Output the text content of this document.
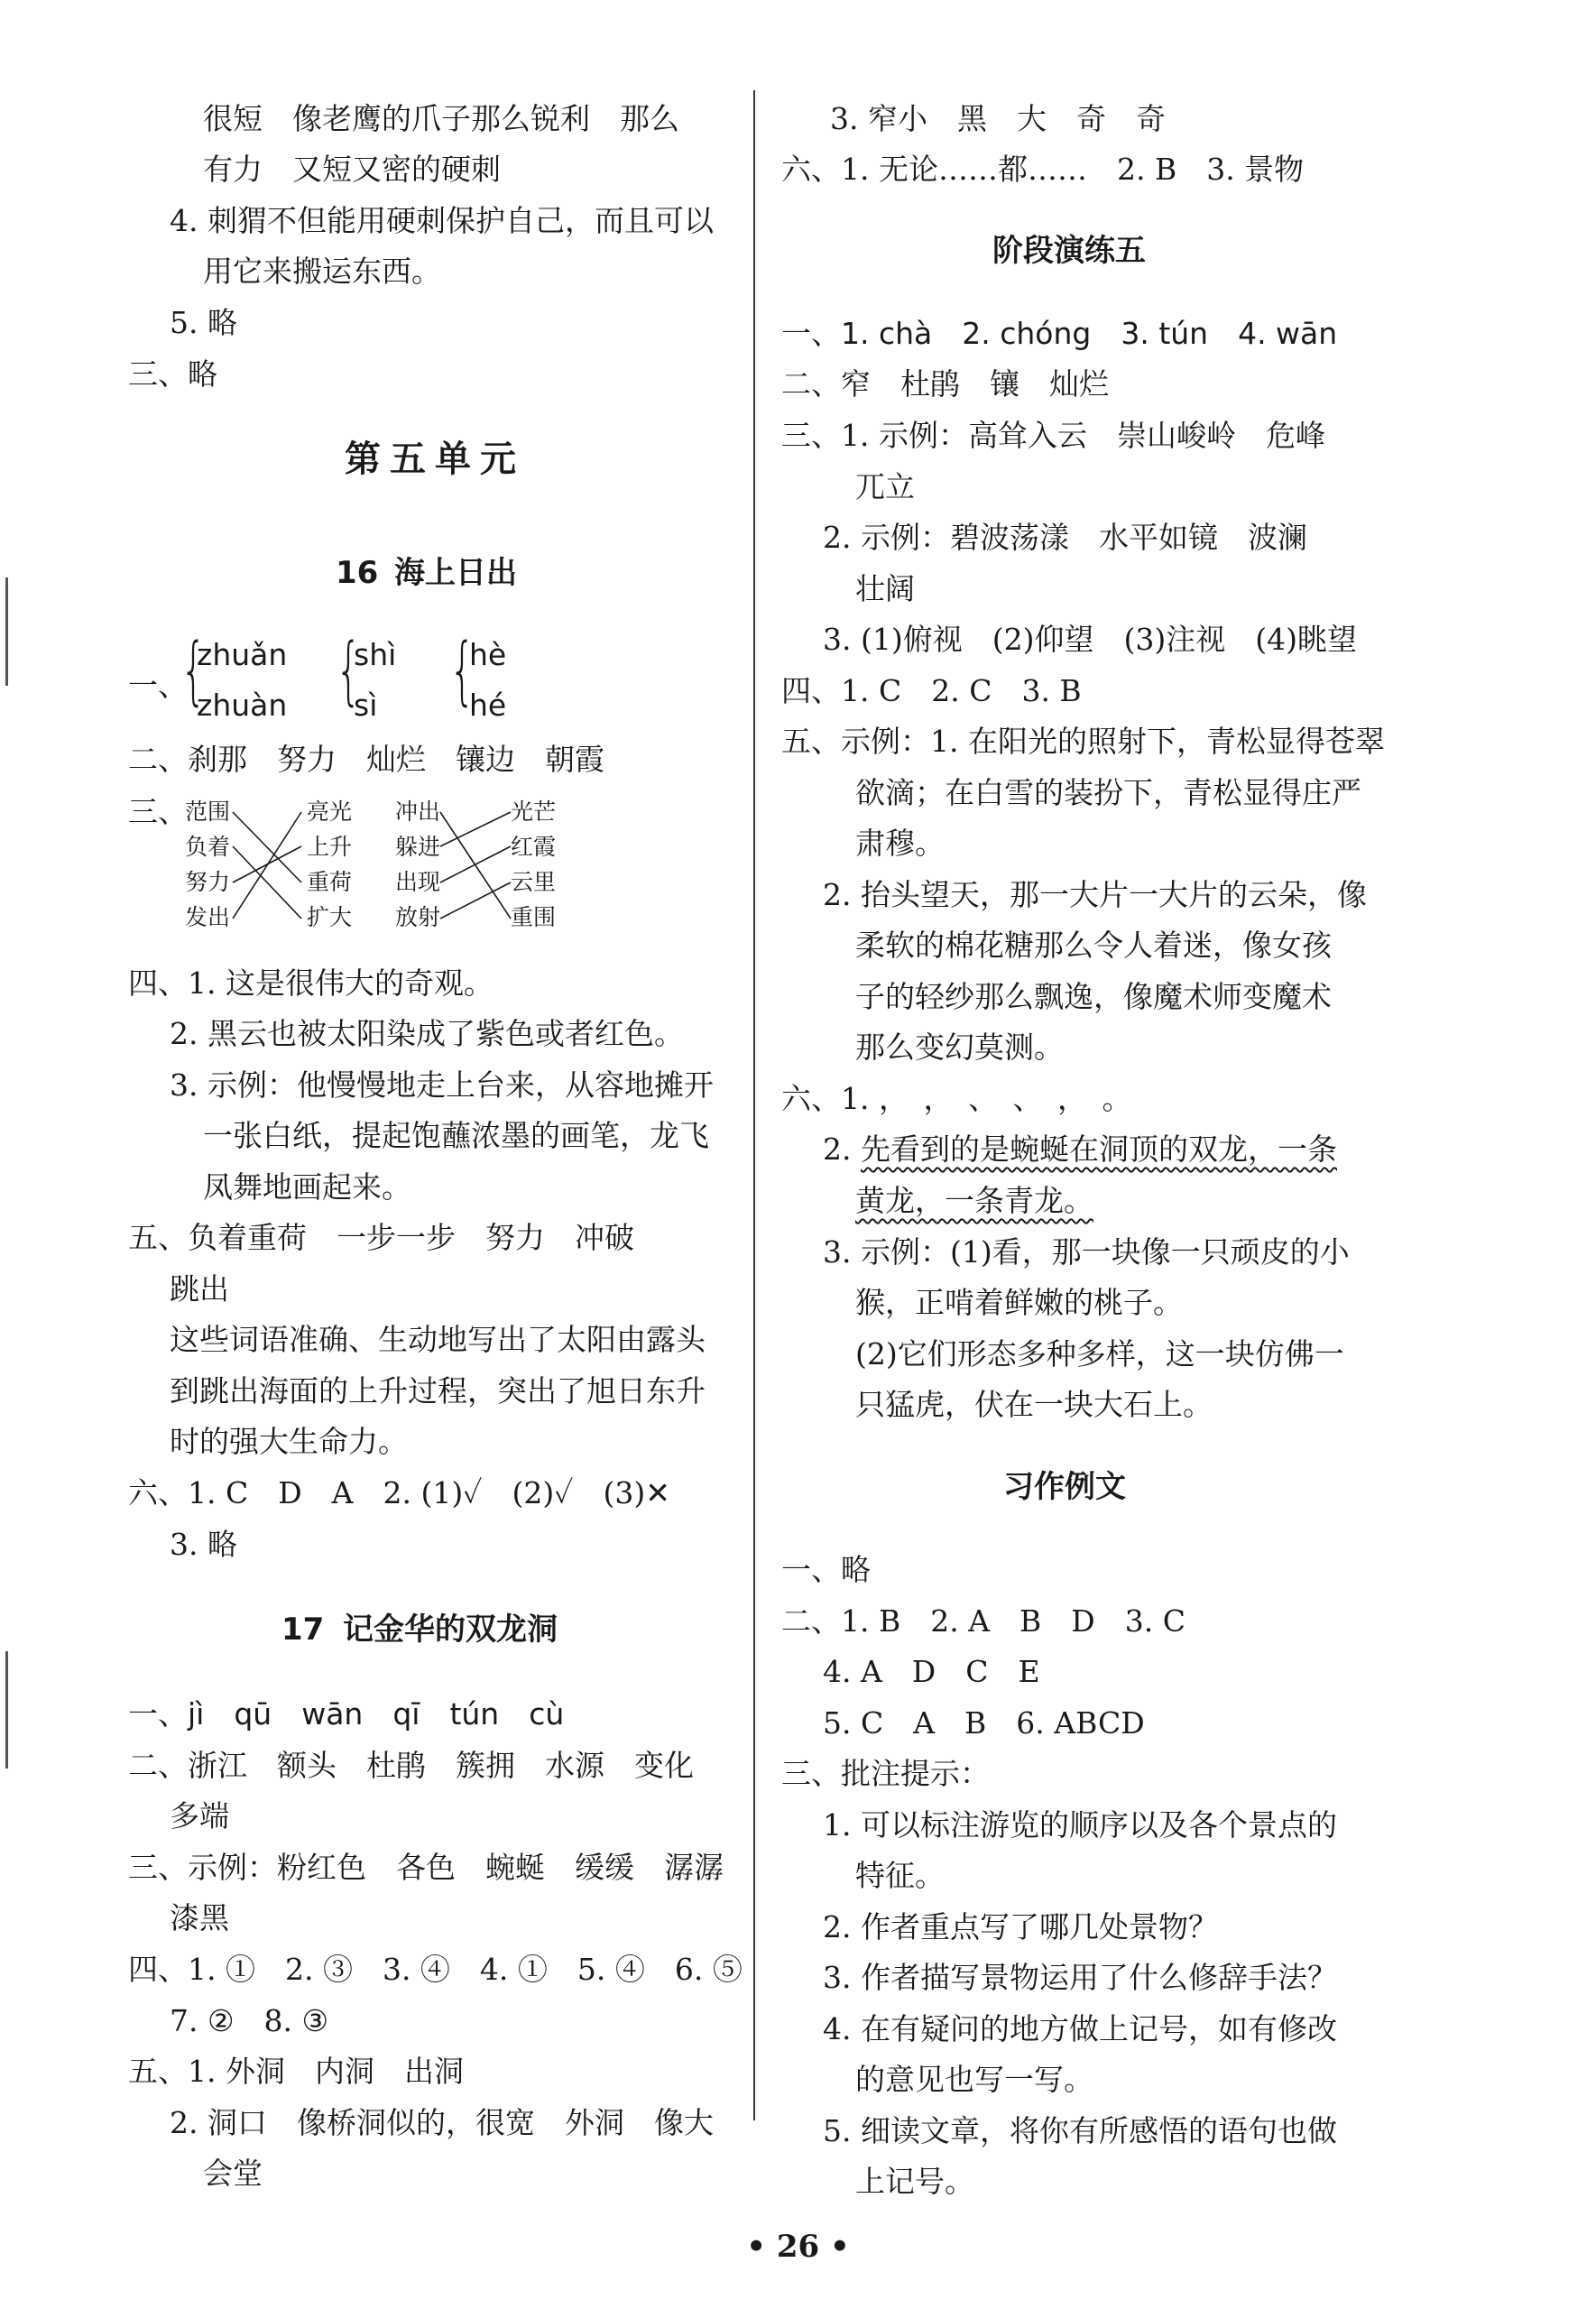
很短　像老鹰的爪子那么锐利　那么
有力　又短又密的硬刺
4. 刺猬不但能用硬刺保护自己，而且可以
用它来搬运东西。
5. 略
三、略
第五单元
16 海上日出
一、
{
zhuǎn
zhuàn {
shì
sì {
hè
hé
二、刹那　努力　灿烂　镶边　朝霞
三、
范围
负着
努力
发出
亮光
上升
重荷
扩大
冲出
躲进
出现
放射
光芒
红霞
云里
重围
四、1. 这是很伟大的奇观。
2. 黑云也被太阳染成了紫色或者红色。
3. 示例：他慢慢地走上台来，从容地摊开
一张白纸，提起饱蘸浓墨的画笔，龙飞
凤舞地画起来。
五、负着重荷　一步一步　努力　冲破
跳出
这些词语准确、生动地写出了太阳由露头
到跳出海面的上升过程，突出了旭日东升
时的强大生命力。
六、1. C　D　A　2. (1)✓　(2)✓　(3)✕
3. 略
17 记金华的双龙洞
一、jì　qū　wān　qī　tún　cù
二、浙江　额头　杜鹃　簇拥　水源　变化
多端
三、示例：粉红色　各色　蜿蜒　缓缓　潺潺
漆黑
四、1. ①　2. ③　3. ④　4. ①　5. ④　6. ⑤
7. ②　8. ③
五、1. 外洞　内洞　出洞
2. 洞口　像桥洞似的，很宽　外洞　像大
会堂
3. 窄小　黑　大　奇　奇
六、1. 无论……都……　2. B　3. 景物
阶段演练五
一、1. chà　2. chóng　3. tún　4. wān
二、窄　杜鹃　镶　灿烂
三、1. 示例：高耸入云　崇山峻岭　危峰
兀立
2. 示例：碧波荡漾　水平如镜　波澜
壮阔
3. (1)俯视　(2)仰望　(3)注视　(4)眺望
四、1. C　2. C　3. B
五、示例：1. 在阳光的照射下，青松显得苍翠
欲滴；在白雪的装扮下，青松显得庄严
肃穆。
2. 抬头望天，那一大片一大片的云朵，像
柔软的棉花糖那么令人着迷，像女孩
子的轻纱那么飘逸，像魔术师变魔术
那么变幻莫测。
六、1. ，　，　、　、　，　。
2. 先看到的是蜿蜒在洞顶的双龙，一条
黄龙，一条青龙。
3. 示例：(1)看，那一块像一只顽皮的小
猴，正啃着鲜嫩的桃子。
(2)它们形态多种多样，这一块仿佛一
只猛虎，伏在一块大石上。
习作例文
一、略
二、1. B　2. A　B　D　3. C
4. A　D　C　E
5. C　A　B　6. ABCD
三、批注提示：
1. 可以标注游览的顺序以及各个景点的
特征。
2. 作者重点写了哪几处景物？
3. 作者描写景物运用了什么修辞手法？
4. 在有疑问的地方做上记号，如有修改
的意见也写一写。
5. 细读文章，将你有所感悟的语句也做
上记号。
• 26 •
